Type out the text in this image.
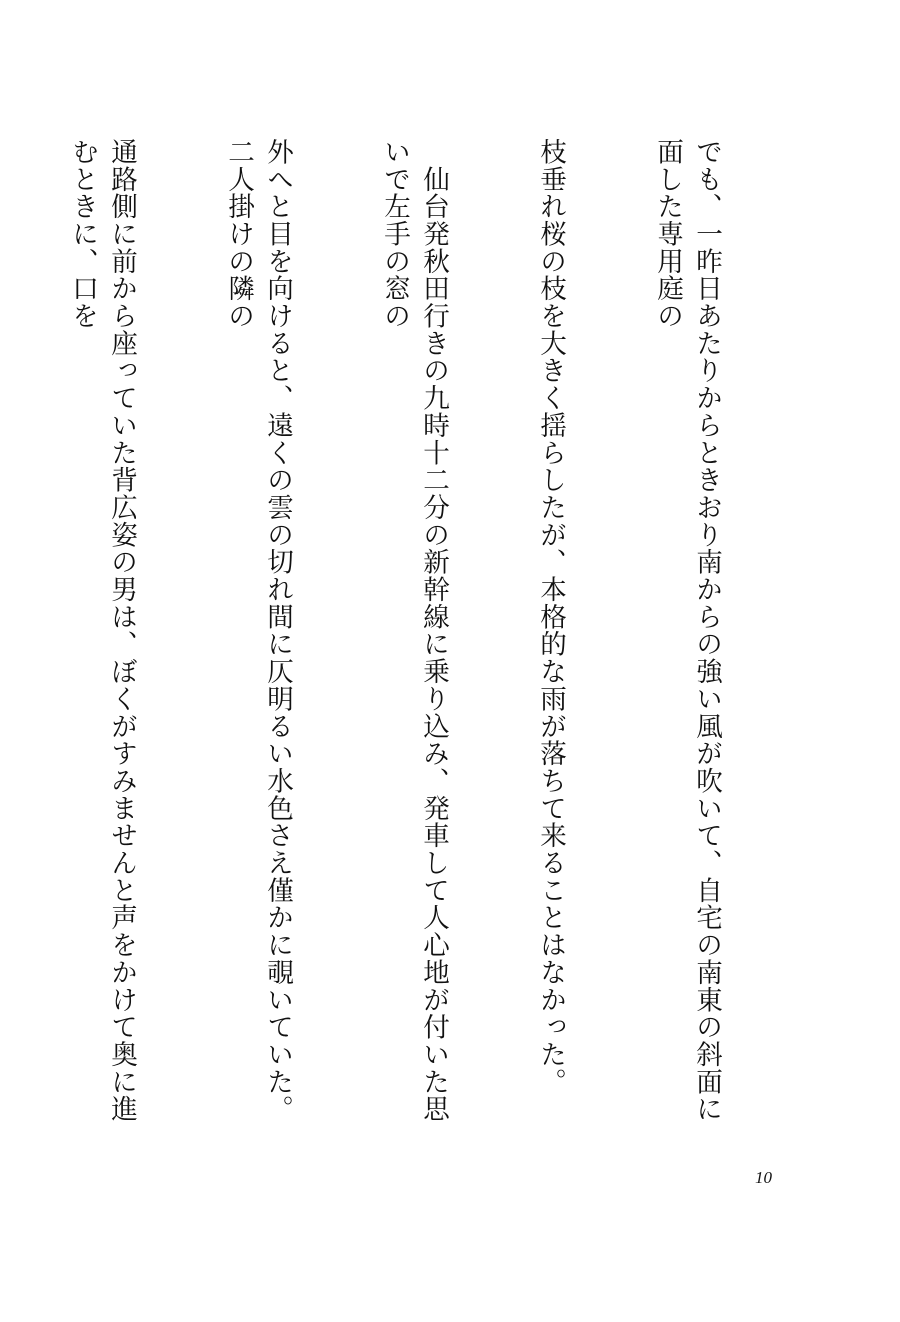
でも、一昨日あたりからときおり南からの強い風が吹いて、自宅の南東の斜面に面した専用庭の

枝垂れ桜の枝を大きく揺らしたが、本格的な雨が落ちて来ることはなかった。

　仙台発秋田行きの九時十二分の新幹線に乗り込み、発車して人心地が付いた思いで左手の窓の

外へと目を向けると、遠くの雲の切れ間に仄明るい水色さえ僅かに覗いていた。二人掛けの隣の

通路側に前から座っていた背広姿の男は、ぼくがすみませんと声をかけて奥に進むときに、口を

10
